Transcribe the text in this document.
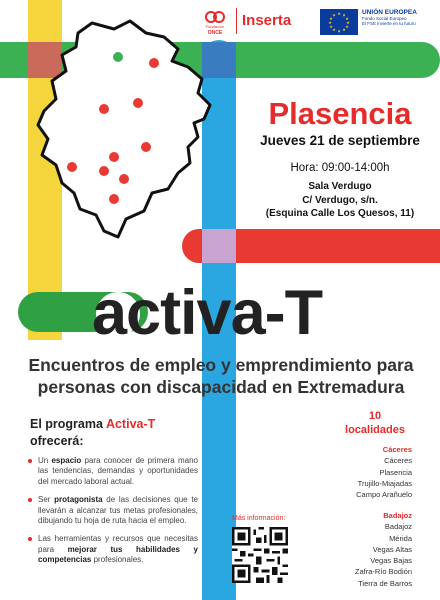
Fundación
ONCE
Inserta	★ ★
★
★
★
★
★
★
★
★
★
★	UNIÓN EUROPEA
Fondo Social Europeo
El FSE invierte en tu futuro
Plasencia
Jueves 21 de septiembre
Hora: 09:00-14:00h
Sala Verdugo
C/ Verdugo, s/n.
(Esquina Calle Los Quesos, 11)
activa-T
Encuentros de empleo y emprendimiento para
personas con discapacidad en Extremadura
El programa Activa-T
ofrecerá:
Un espacio para conocer de primera mano las tendencias, demandas y oportunidades del mercado laboral actual.
Ser protagonista de las decisiones que te llevarán a alcanzar tus metas profesionales, dibujando tu hoja de ruta hacia el empleo.
Las herramientas y recursos que necesitas para mejorar tus habilidades y competencias profesionales.
Más información:
10
localidades
Cáceres
Cáceres
Plasencia
Trujillo-Miajadas
Campo Arañuelo
Badajoz
Badajoz
Mérida
Vegas Altas
Vegas Bajas
Zafra-Río Bodión
Tierra de Barros
